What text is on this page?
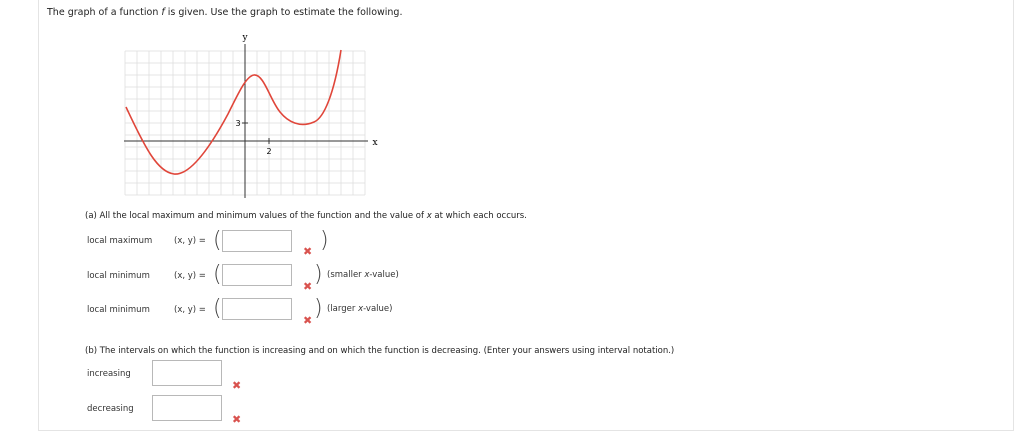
The graph of a function f is given. Use the graph to estimate the following.
y
x
3
2
(a) All the local maximum and minimum values of the function and the value of x at which each occurs.
local maximum	(x, y) = (	✖ )
local minimum	(x, y) = (	✖ ) (smaller x-value)
local minimum	(x, y) = (	✖ ) (larger x-value)
(b) The intervals on which the function is increasing and on which the function is decreasing. (Enter your answers using interval notation.)
increasing
✖
decreasing
✖
